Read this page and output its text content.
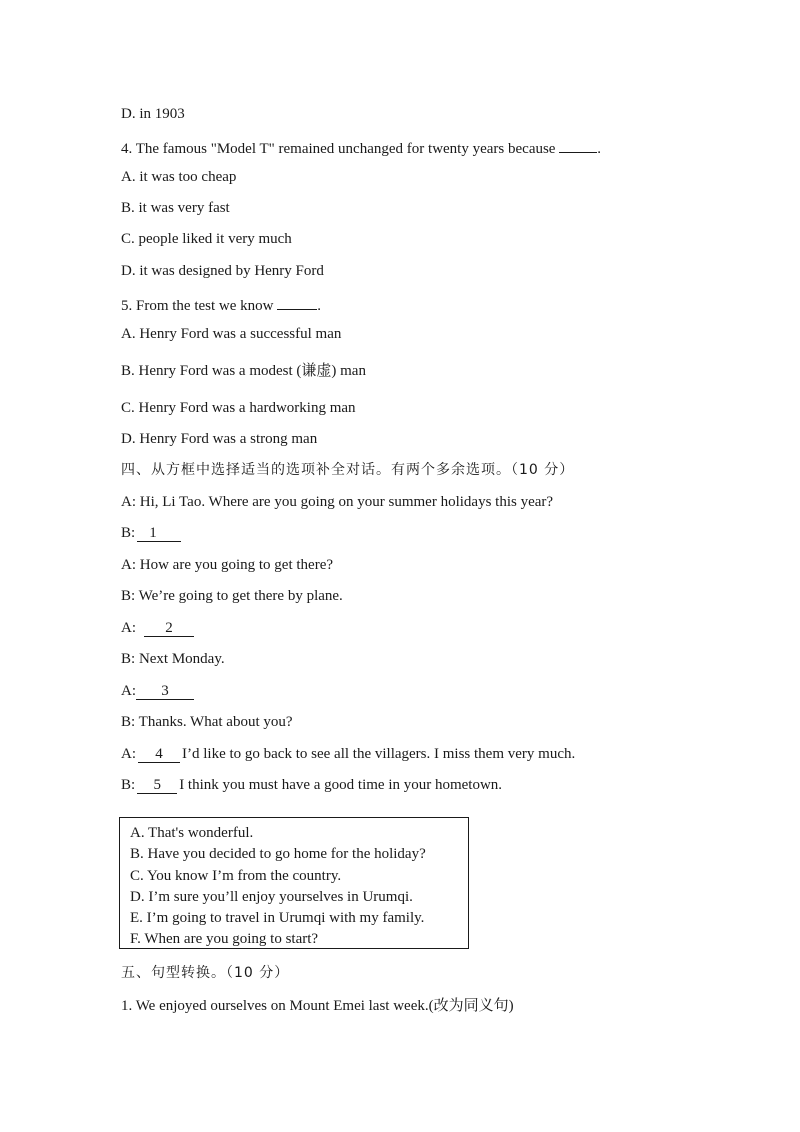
D. in 1903
4. The famous "Model T" remained unchanged for twenty years because	.
A. it was too cheap
B. it was very fast
C. people liked it very much
D. it was designed by Henry Ford
5. From the test we know	.
A. Henry Ford was a successful man
B. Henry Ford was a modest (谦虚) man
C. Henry Ford was a hardworking man
D. Henry Ford was a strong man
四、从方框中选择适当的选项补全对话。有两个多余选项。（10 分）
A: Hi, Li Tao. Where are you going on your summer holidays this year?
B: 1
A: How are you going to get there?
B: We’re going to get there by plane.
A: 2
B: Next Monday.
A: 3
B: Thanks. What about you?
A: 4 I’d like to go back to see all the villagers. I miss them very much.
B: 5 I think you must have a good time in your hometown.
A. That's wonderful.
B. Have you decided to go home for the holiday?
C. You know I’m from the country.
D. I’m sure you’ll enjoy yourselves in Urumqi.
E. I’m going to travel in Urumqi with my family.
F. When are you going to start?
五、句型转换。（10 分）
1. We enjoyed ourselves on Mount Emei last week.(改为同义句)
